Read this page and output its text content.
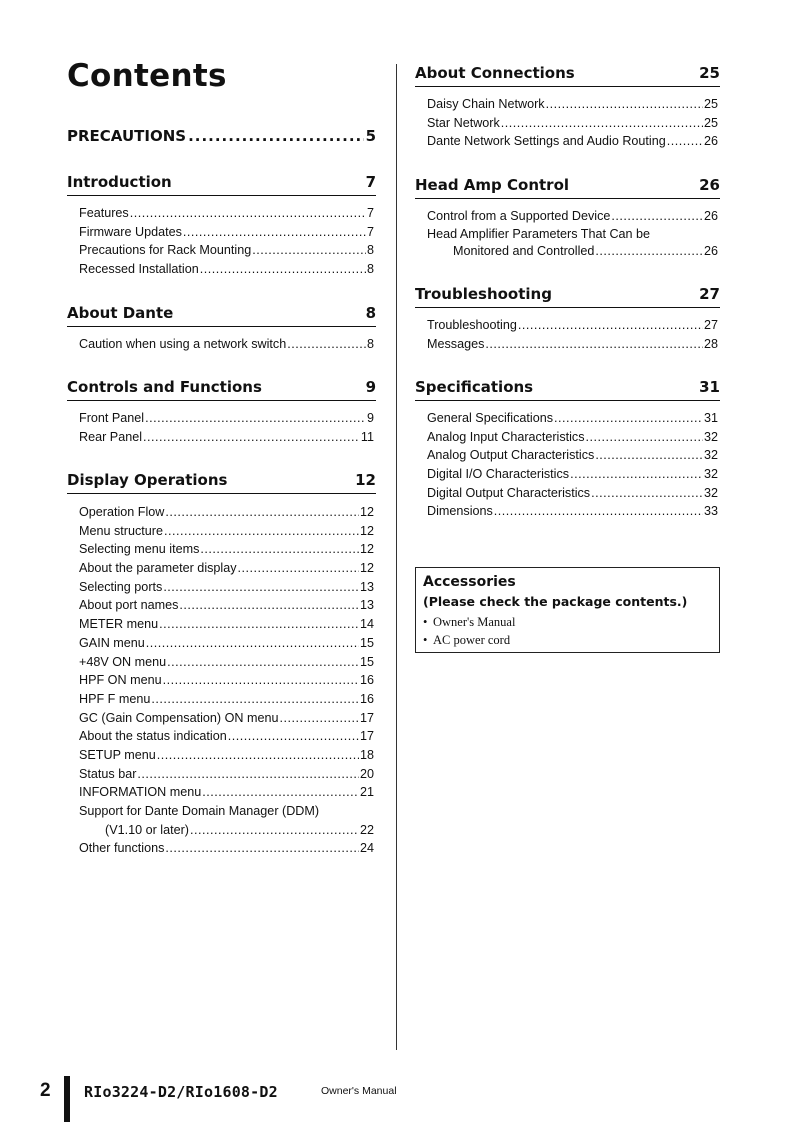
Contents
PRECAUTIONS .....	5
Introduction	7
Features .....	7
Firmware Updates .....	7
Precautions for Rack Mounting .....	8
Recessed Installation .....	8
About Dante	8
Caution when using a network switch .....	8
Controls and Functions	9
Front Panel .....	9
Rear Panel .....	11
Display Operations	12
Operation Flow .....	12
Menu structure .....	12
Selecting menu items .....	12
About the parameter display .....	12
Selecting ports .....	13
About port names .....	13
METER menu .....	14
GAIN menu .....	15
+48V ON menu .....	15
HPF ON menu .....	16
HPF F menu .....	16
GC (Gain Compensation) ON menu .....	17
About the status indication .....	17
SETUP menu .....	18
Status bar .....	20
INFORMATION menu .....	21
Support for Dante Domain Manager (DDM)
(V1.10 or later) .....	22
Other functions .....	24
About Connections	25
Daisy Chain Network .....	25
Star Network .....	25
Dante Network Settings and Audio Routing .....	26
Head Amp Control	26
Control from a Supported Device .....	26
Head Amplifier Parameters That Can be
Monitored and Controlled .....	26
Troubleshooting	27
Troubleshooting .....	27
Messages .....	28
Specifications	31
General Specifications .....	31
Analog Input Characteristics .....	32
Analog Output Characteristics .....	32
Digital I/O Characteristics .....	32
Digital Output Characteristics .....	32
Dimensions .....	33
Accessories
(Please check the package contents.)
• Owner's Manual
• AC power cord
2 RIo3224-D2/RIo1608-D2	Owner's Manual
